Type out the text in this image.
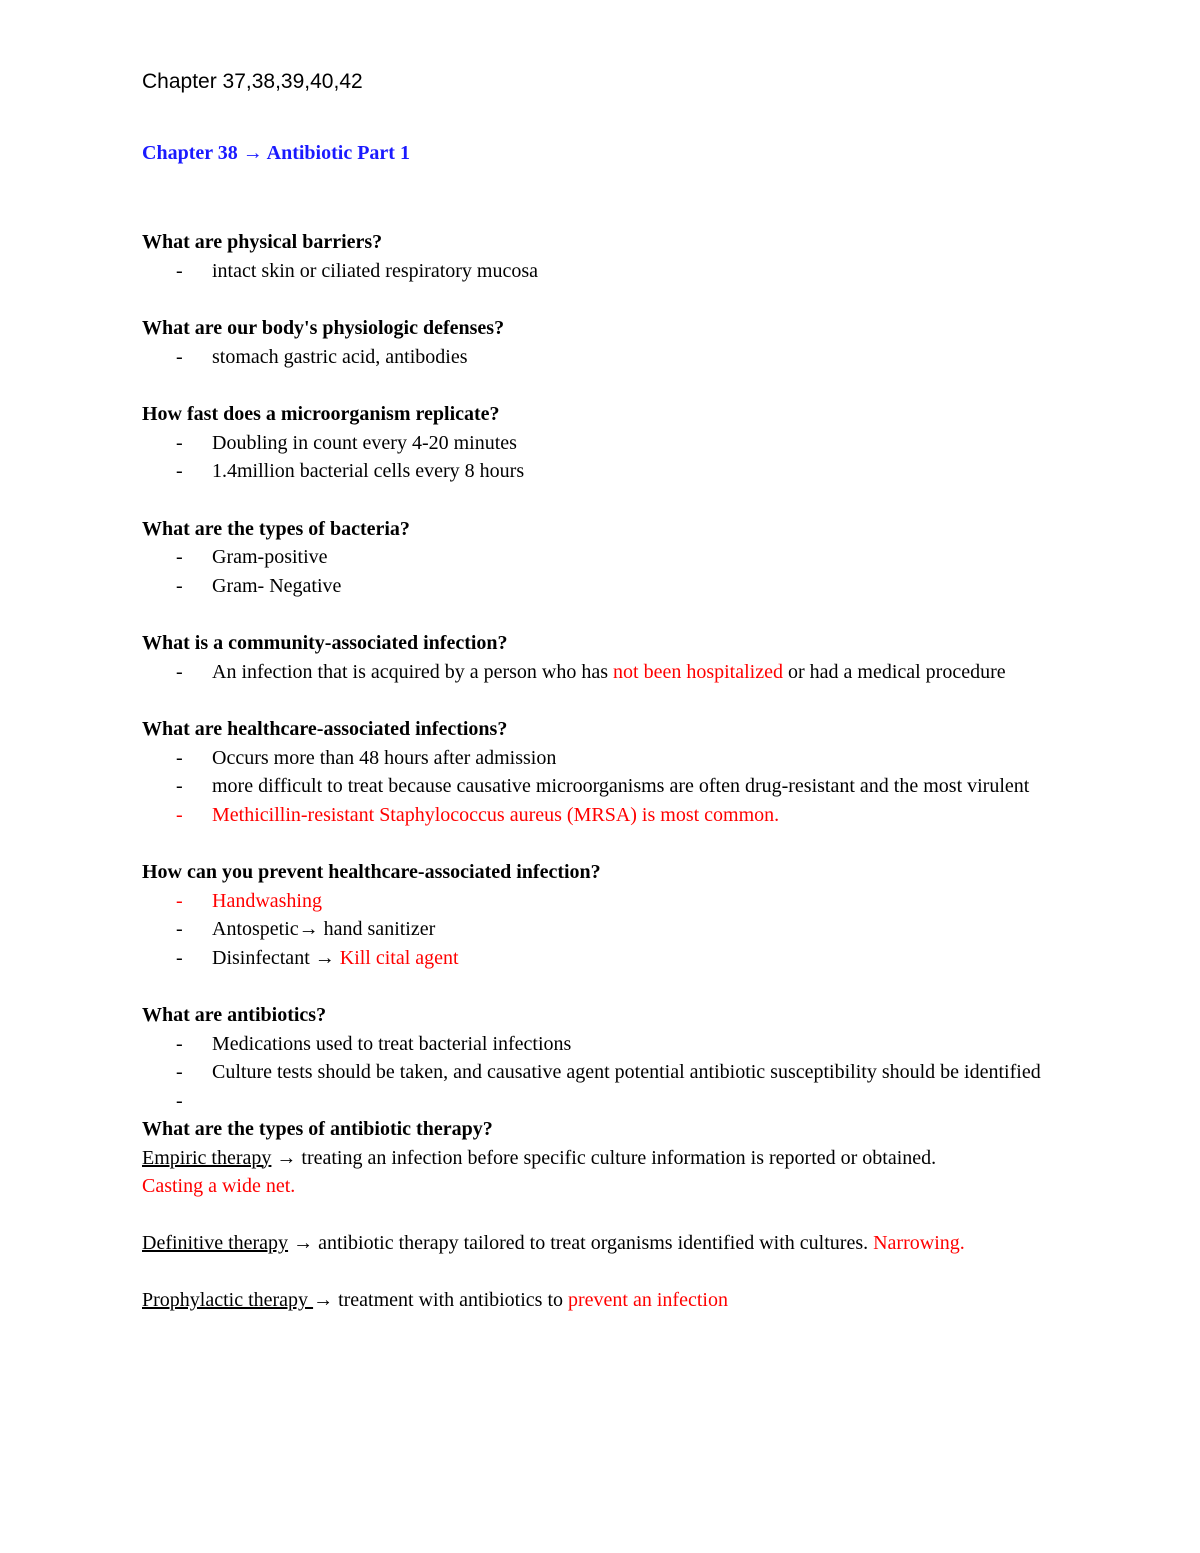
Chapter 37,38,39,40,42
Chapter 38 → Antibiotic Part 1

What are physical barriers?

- intact skin or ciliated respiratory mucosa

What are our body's physiologic defenses?

- stomach gastric acid, antibodies

How fast does a microorganism replicate?

- Doubling in count every 4-20 minutes
- 1.4million bacterial cells every 8 hours

What are the types of bacteria?

- Gram-positive
- Gram- Negative

What is a community-associated infection?

- An infection that is acquired by a person who has not been hospitalized or had a medical procedure

What are healthcare-associated infections?

- Occurs more than 48 hours after admission
- more difficult to treat because causative microorganisms are often drug-resistant and the most virulent
- Methicillin-resistant Staphylococcus aureus (MRSA) is most common.

How can you prevent healthcare-associated infection?

- Handwashing
- Antospetic→ hand sanitizer
- Disinfectant → Kill cital agent

What are antibiotics?

- Medications used to treat bacterial infections
- Culture tests should be taken, and causative agent potential antibiotic susceptibility should be identified
-

What are the types of antibiotic therapy?

Empiric therapy → treating an infection before specific culture information is reported or obtained.

Casting a wide net.

Definitive therapy → antibiotic therapy tailored to treat organisms identified with cultures. Narrowing.

Prophylactic therapy → treatment with antibiotics to prevent an infection
